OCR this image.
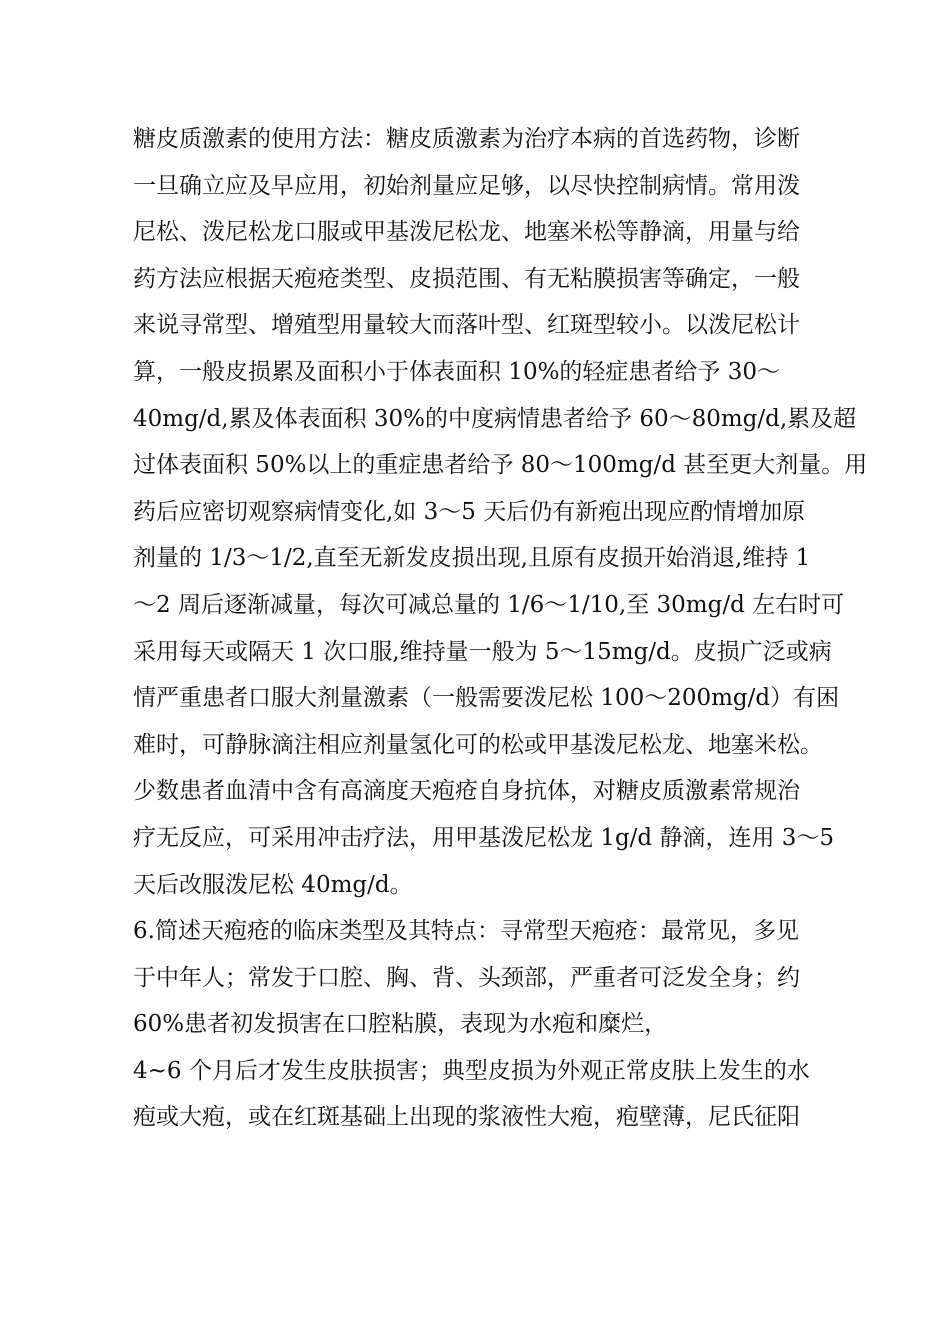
糖皮质激素的使用方法：糖皮质激素为治疗本病的首选药物，诊断
一旦确立应及早应用，初始剂量应足够，以尽快控制病情。常用泼
尼松、泼尼松龙口服或甲基泼尼松龙、地塞米松等静滴，用量与给
药方法应根据天疱疮类型、皮损范围、有无粘膜损害等确定，一般
来说寻常型、增殖型用量较大而落叶型、红斑型较小。以泼尼松计
算，一般皮损累及面积小于体表面积 10%的轻症患者给予 30～
40mg/d,累及体表面积 30%的中度病情患者给予 60～80mg/d,累及超
过体表面积 50%以上的重症患者给予 80～100mg/d 甚至更大剂量。用
药后应密切观察病情变化,如 3～5 天后仍有新疱出现应酌情增加原
剂量的 1/3～1/2,直至无新发皮损出现,且原有皮损开始消退,维持 1
～2 周后逐渐减量，每次可减总量的 1/6～1/10,至 30mg/d 左右时可
采用每天或隔天 1 次口服,维持量一般为 5～15mg/d。皮损广泛或病
情严重患者口服大剂量激素（一般需要泼尼松 100～200mg/d）有困
难时，可静脉滴注相应剂量氢化可的松或甲基泼尼松龙、地塞米松。
少数患者血清中含有高滴度天疱疮自身抗体，对糖皮质激素常规治
疗无反应，可采用冲击疗法，用甲基泼尼松龙 1g/d 静滴，连用 3～5
天后改服泼尼松 40mg/d。
6.简述天疱疮的临床类型及其特点：寻常型天疱疮：最常见，多见
于中年人；常发于口腔、胸、背、头颈部，严重者可泛发全身；约
60%患者初发损害在口腔粘膜，表现为水疱和糜烂，
4~6 个月后才发生皮肤损害；典型皮损为外观正常皮肤上发生的水
疱或大疱，或在红斑基础上出现的浆液性大疱，疱壁薄，尼氏征阳
